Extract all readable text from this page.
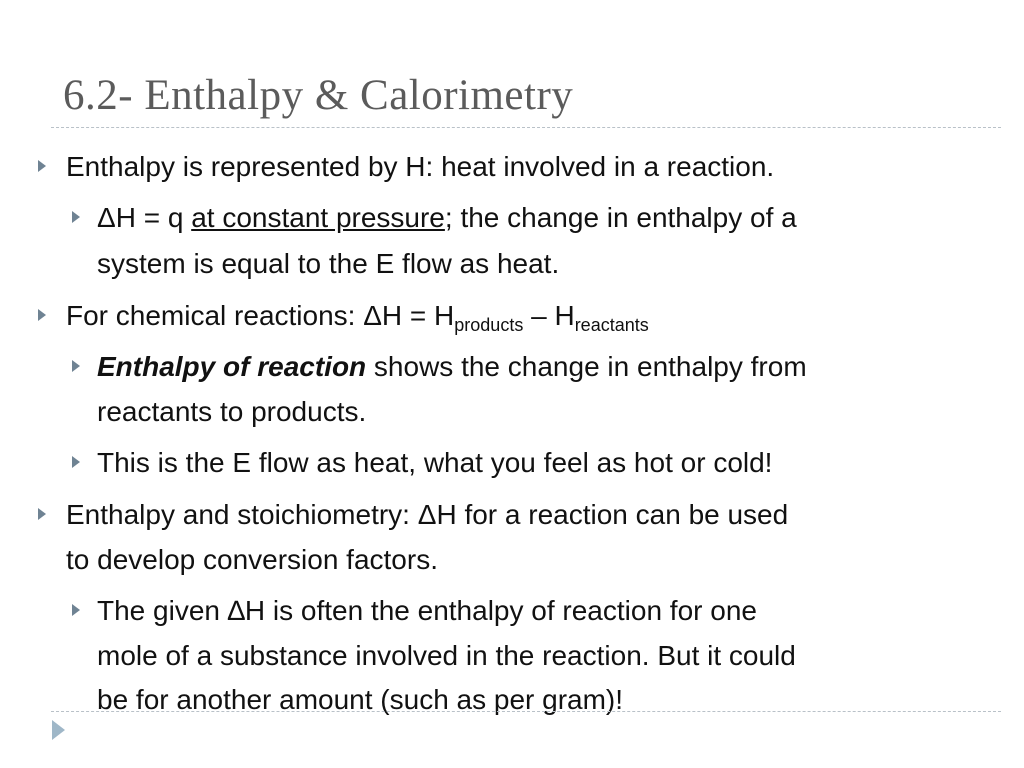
6.2- Enthalpy & Calorimetry
Enthalpy is represented by H: heat involved in a reaction.
ΔH = q at constant pressure; the change in enthalpy of a
system is equal to the E flow as heat.
For chemical reactions: $\Delta H = H_{products} - H_{reactants}$
Enthalpy of reaction shows the change in enthalpy from
reactants to products.
This is the E flow as heat, what you feel as hot or cold!
Enthalpy and stoichiometry: ΔH for a reaction can be used
to develop conversion factors.
The given ∆H is often the enthalpy of reaction for one
mole of a substance involved in the reaction. But it could
be for another amount (such as per gram)!
